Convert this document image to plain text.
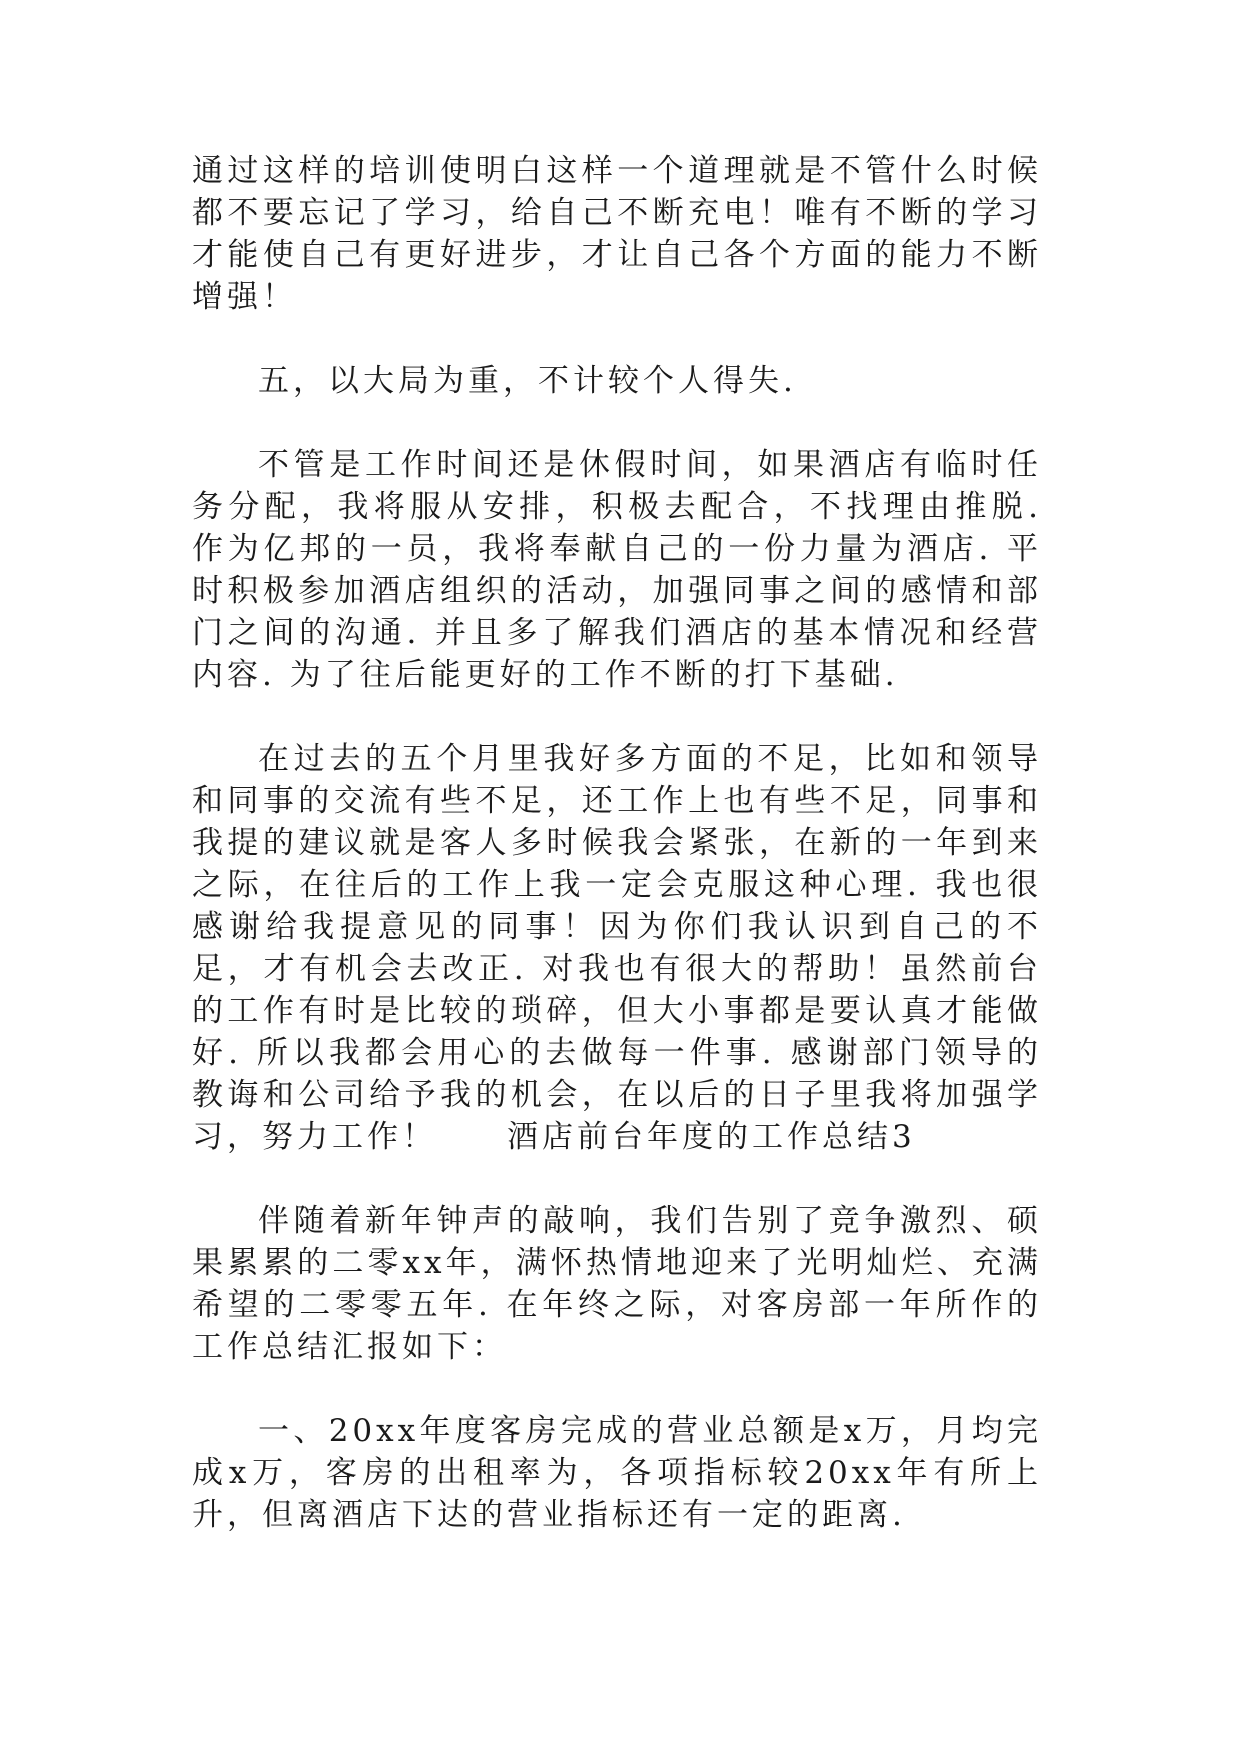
通过这样的培训使明白这样一个道理就是不管什么时候都不要忘记了学习，给自己不断充电！唯有不断的学习才能使自己有更好进步，才让自己各个方面的能力不断增强！

五，以大局为重，不计较个人得失.

不管是工作时间还是休假时间，如果酒店有临时任务分配，我将服从安排，积极去配合，不找理由推脱. 作为亿邦的一员，我将奉献自己的一份力量为酒店. 平时积极参加酒店组织的活动，加强同事之间的感情和部门之间的沟通. 并且多了解我们酒店的基本情况和经营内容. 为了往后能更好的工作不断的打下基础.

在过去的五个月里我好多方面的不足，比如和领导和同事的交流有些不足，还工作上也有些不足，同事和我提的建议就是客人多时候我会紧张，在新的一年到来之际，在往后的工作上我一定会克服这种心理. 我也很感谢给我提意见的同事！因为你们我认识到自己的不足，才有机会去改正. 对我也有很大的帮助！虽然前台的工作有时是比较的琐碎，但大小事都是要认真才能做好. 所以我都会用心的去做每一件事. 感谢部门领导的教诲和公司给予我的机会，在以后的日子里我将加强学习，努力工作！　　酒店前台年度的工作总结3

伴随着新年钟声的敲响，我们告别了竞争激烈、硕果累累的二零xx年，满怀热情地迎来了光明灿烂、充满希望的二零零五年. 在年终之际，对客房部一年所作的工作总结汇报如下：

一、20xx年度客房完成的营业总额是x万，月均完成x万，客房的出租率为，各项指标较20xx年有所上升，但离酒店下达的营业指标还有一定的距离.
